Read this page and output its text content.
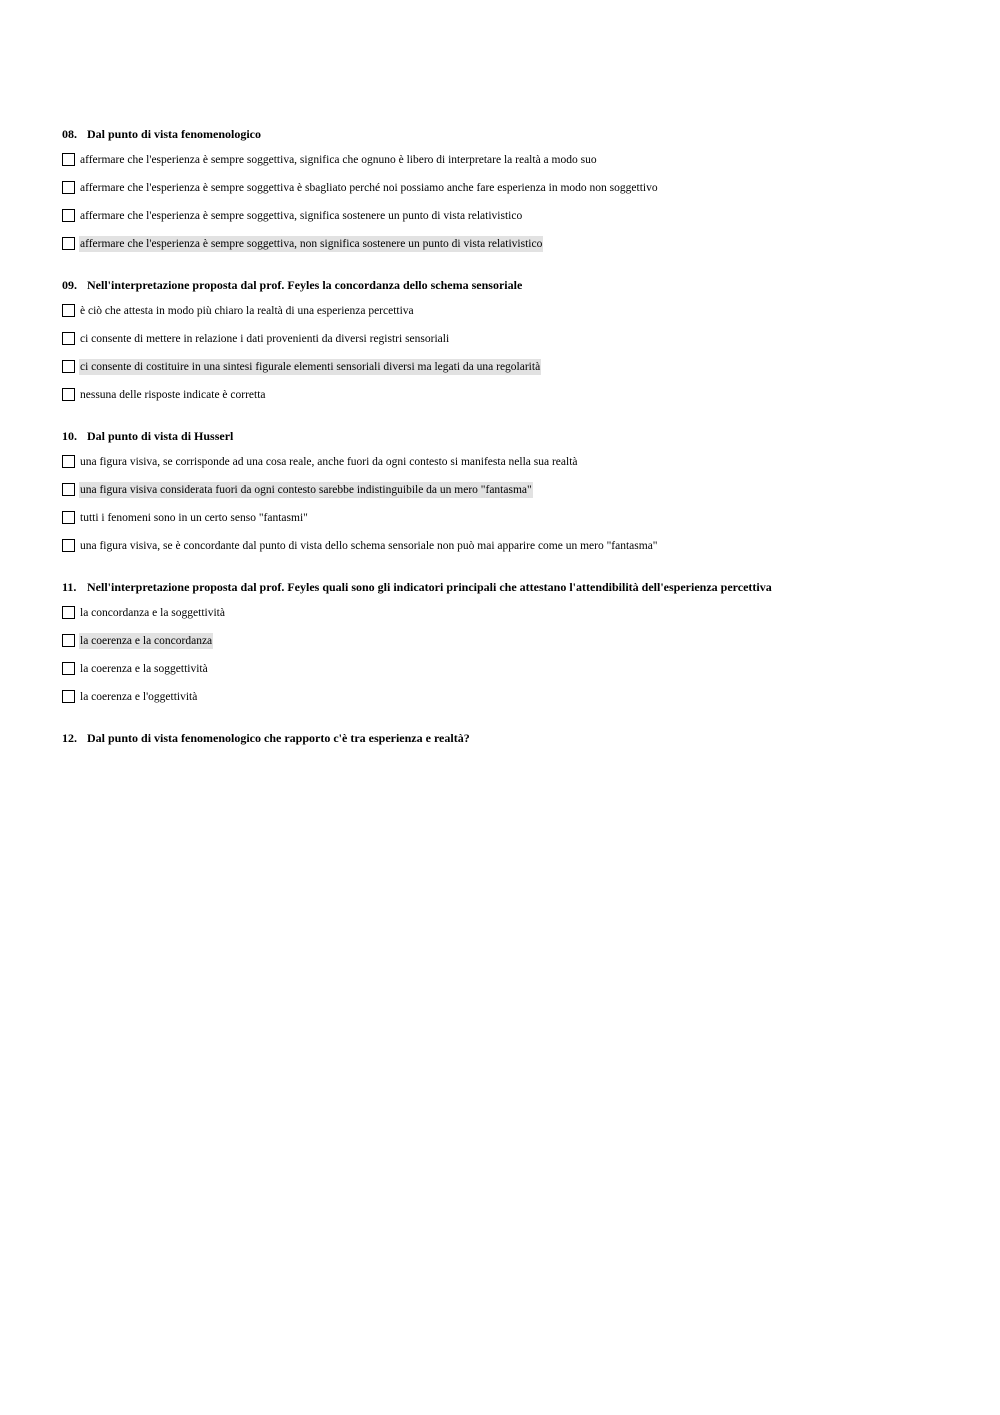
08. Dal punto di vista fenomenologico
affermare che l'esperienza è sempre soggettiva, significa che ognuno è libero di interpretare la realtà a modo suo
affermare che l'esperienza è sempre soggettiva è sbagliato perché noi possiamo anche fare esperienza in modo non soggettivo
affermare che l'esperienza è sempre soggettiva, significa sostenere un punto di vista relativistico
affermare che l'esperienza è sempre soggettiva, non significa sostenere un punto di vista relativistico
09. Nell'interpretazione proposta dal prof. Feyles la concordanza dello schema sensoriale
è ciò che attesta in modo più chiaro la realtà di una esperienza percettiva
ci consente di mettere in relazione i dati provenienti da diversi registri sensoriali
ci consente di costituire in una sintesi figurale elementi sensoriali diversi ma legati da una regolarità
nessuna delle risposte indicate è corretta
10. Dal punto di vista di Husserl
una figura visiva, se corrisponde ad una cosa reale, anche fuori da ogni contesto si manifesta nella sua realtà
una figura visiva considerata fuori da ogni contesto sarebbe indistinguibile da un mero "fantasma"
tutti i fenomeni sono in un certo senso "fantasmi"
una figura visiva, se è concordante dal punto di vista dello schema sensoriale non può mai apparire come un mero "fantasma"
11. Nell'interpretazione proposta dal prof. Feyles quali sono gli indicatori principali che attestano l'attendibilità dell'esperienza percettiva
la concordanza e la soggettività
la coerenza e la concordanza
la coerenza e la soggettività
la coerenza e l'oggettività
12. Dal punto di vista fenomenologico che rapporto c'è tra esperienza e realtà?
